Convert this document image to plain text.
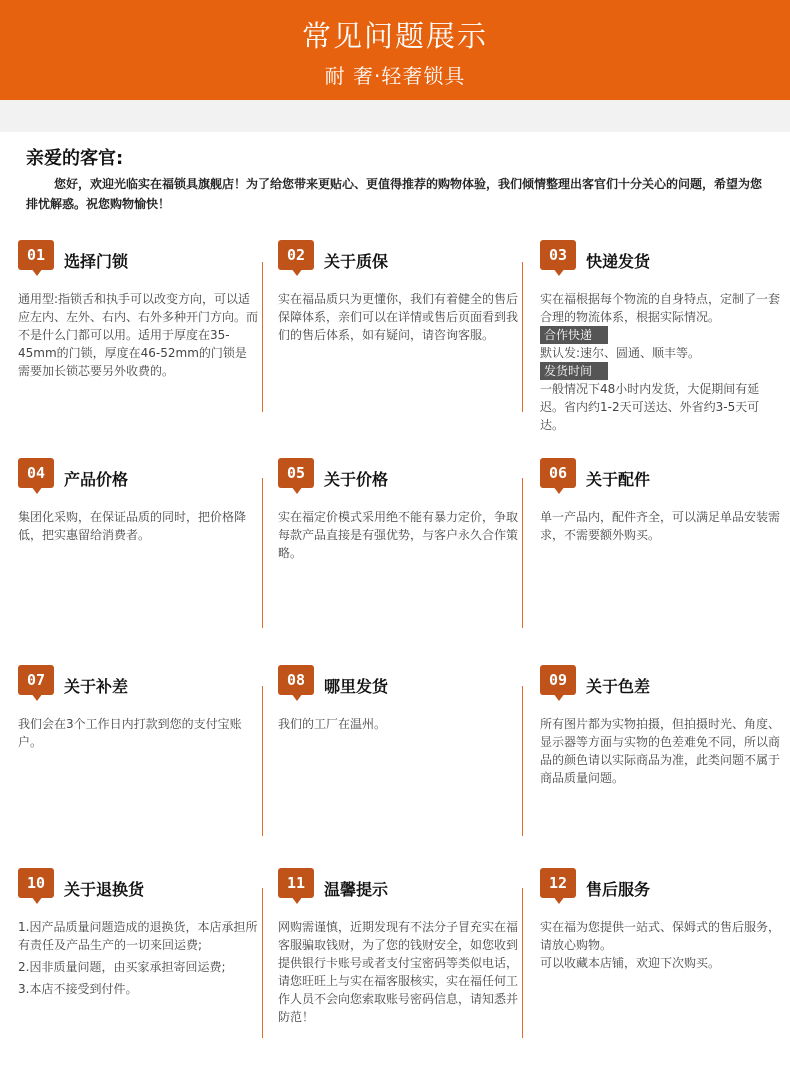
常见问题展示
耐 奢·轻奢锁具
亲爱的客官:
您好，欢迎光临实在福锁具旗舰店！为了给您带来更贴心、更值得推荐的购物体验，我们倾情整理出客官们十分关心的问题，希望为您排忧解惑。祝您购物愉快！
01	选择门锁

通用型:指锁舌和执手可以改变方向，可以适应左内、左外、右内、右外多种开门方向。而不是什么门都可以用。适用于厚度在35-45mm的门锁，厚度在46-52mm的门锁是需要加长锁芯要另外收费的。

02	关于质保

实在福品质只为更懂你，我们有着健全的售后保障体系，亲们可以在详情或售后页面看到我们的售后体系，如有疑问，请咨询客服。

03	快递发货

实在福根据每个物流的自身特点，定制了一套合理的物流体系，根据实际情况。

合作快递

默认发:速尔、圆通、顺丰等。

发货时间

一般情况下48小时内发货，大促期间有延迟。省内约1-2天可送达、外省约3-5天可达。

04	产品价格

集团化采购，在保证品质的同时，把价格降低，把实惠留给消费者。

05	关于价格

实在福定价模式采用绝不能有暴力定价，争取每款产品直接是有强优势，与客户永久合作策略。

06	关于配件

单一产品内，配件齐全，可以满足单品安装需求，不需要额外购买。

07	关于补差

我们会在3个工作日内打款到您的支付宝账户。

08	哪里发货

我们的工厂在温州。

09	关于色差

所有图片都为实物拍摄，但拍摄时光、角度、显示器等方面与实物的色差难免不同，所以商品的颜色请以实际商品为准，此类问题不属于商品质量问题。

10	关于退换货

1.因产品质量问题造成的退换货，本店承担所有责任及产品生产的一切来回运费;

2.因非质量问题，由买家承担寄回运费;

3.本店不接受到付件。

11	温馨提示

网购需谨慎，近期发现有不法分子冒充实在福客服骗取钱财，为了您的钱财安全，如您收到提供银行卡账号或者支付宝密码等类似电话，请您旺旺上与实在福客服核实，实在福任何工作人员不会向您索取账号密码信息，请知悉并防范！

12	售后服务

实在福为您提供一站式、保姆式的售后服务，请放心购物。

可以收藏本店铺，欢迎下次购买。
